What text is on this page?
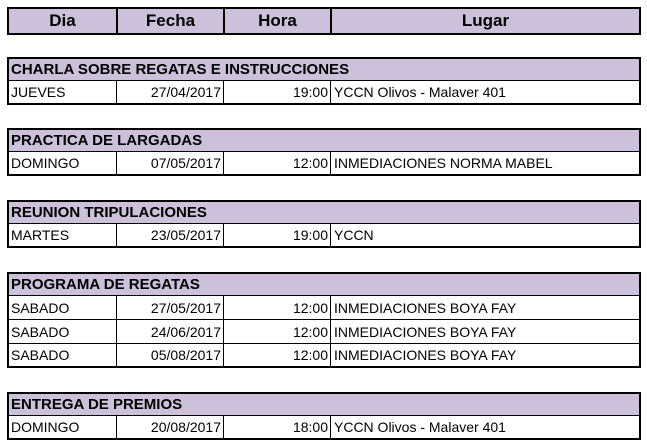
Dia	Fecha	Hora	Lugar
CHARLA SOBRE REGATAS E INSTRUCCIONES
JUEVES	27/04/2017	19:00 YCCN Olivos - Malaver 401
PRACTICA DE LARGADAS
DOMINGO	07/05/2017	12:00 INMEDIACIONES NORMA MABEL
REUNION TRIPULACIONES
MARTES	23/05/2017	19:00 YCCN
PROGRAMA DE REGATAS
SABADO	27/05/2017	12:00 INMEDIACIONES BOYA FAY
SABADO	24/06/2017	12:00 INMEDIACIONES BOYA FAY
SABADO	05/08/2017	12:00 INMEDIACIONES BOYA FAY
ENTREGA DE PREMIOS
DOMINGO	20/08/2017	18:00 YCCN Olivos - Malaver 401
